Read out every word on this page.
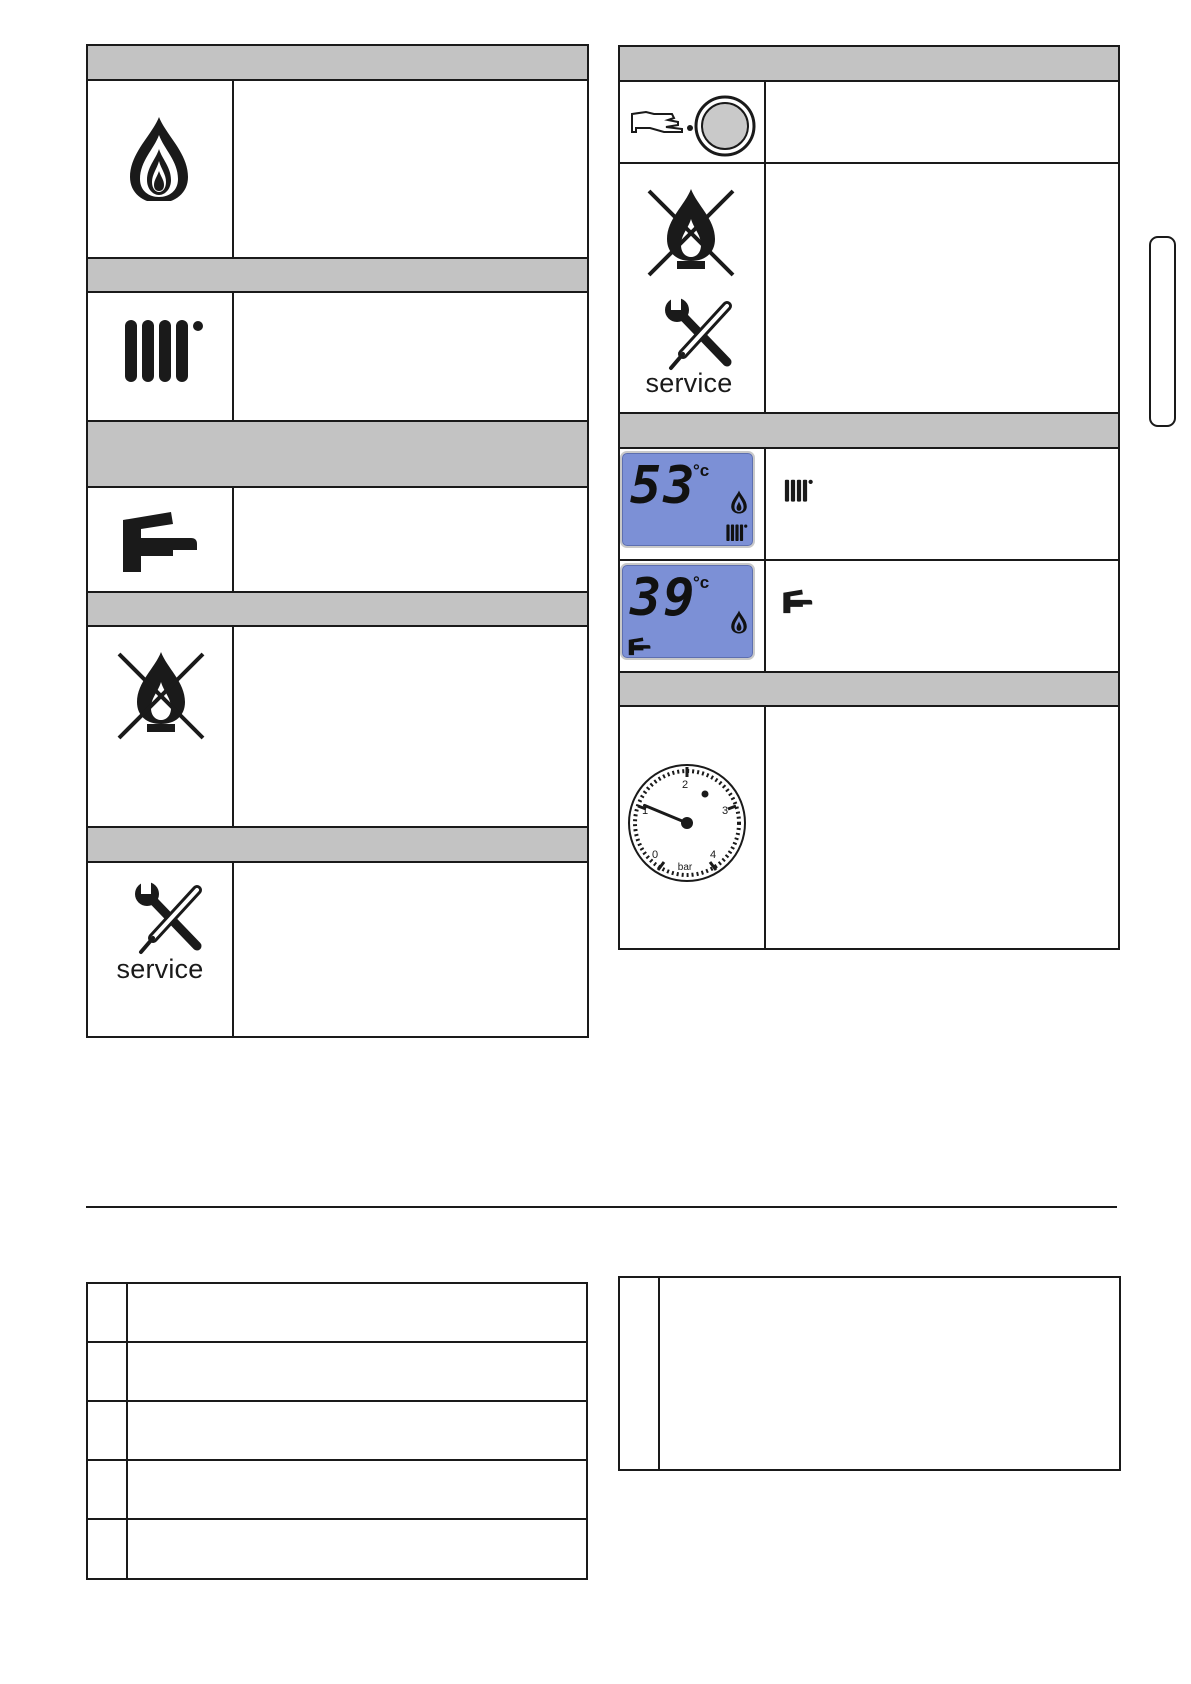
service
service
53
°c
39
°c
0
1
2
3
4
bar
